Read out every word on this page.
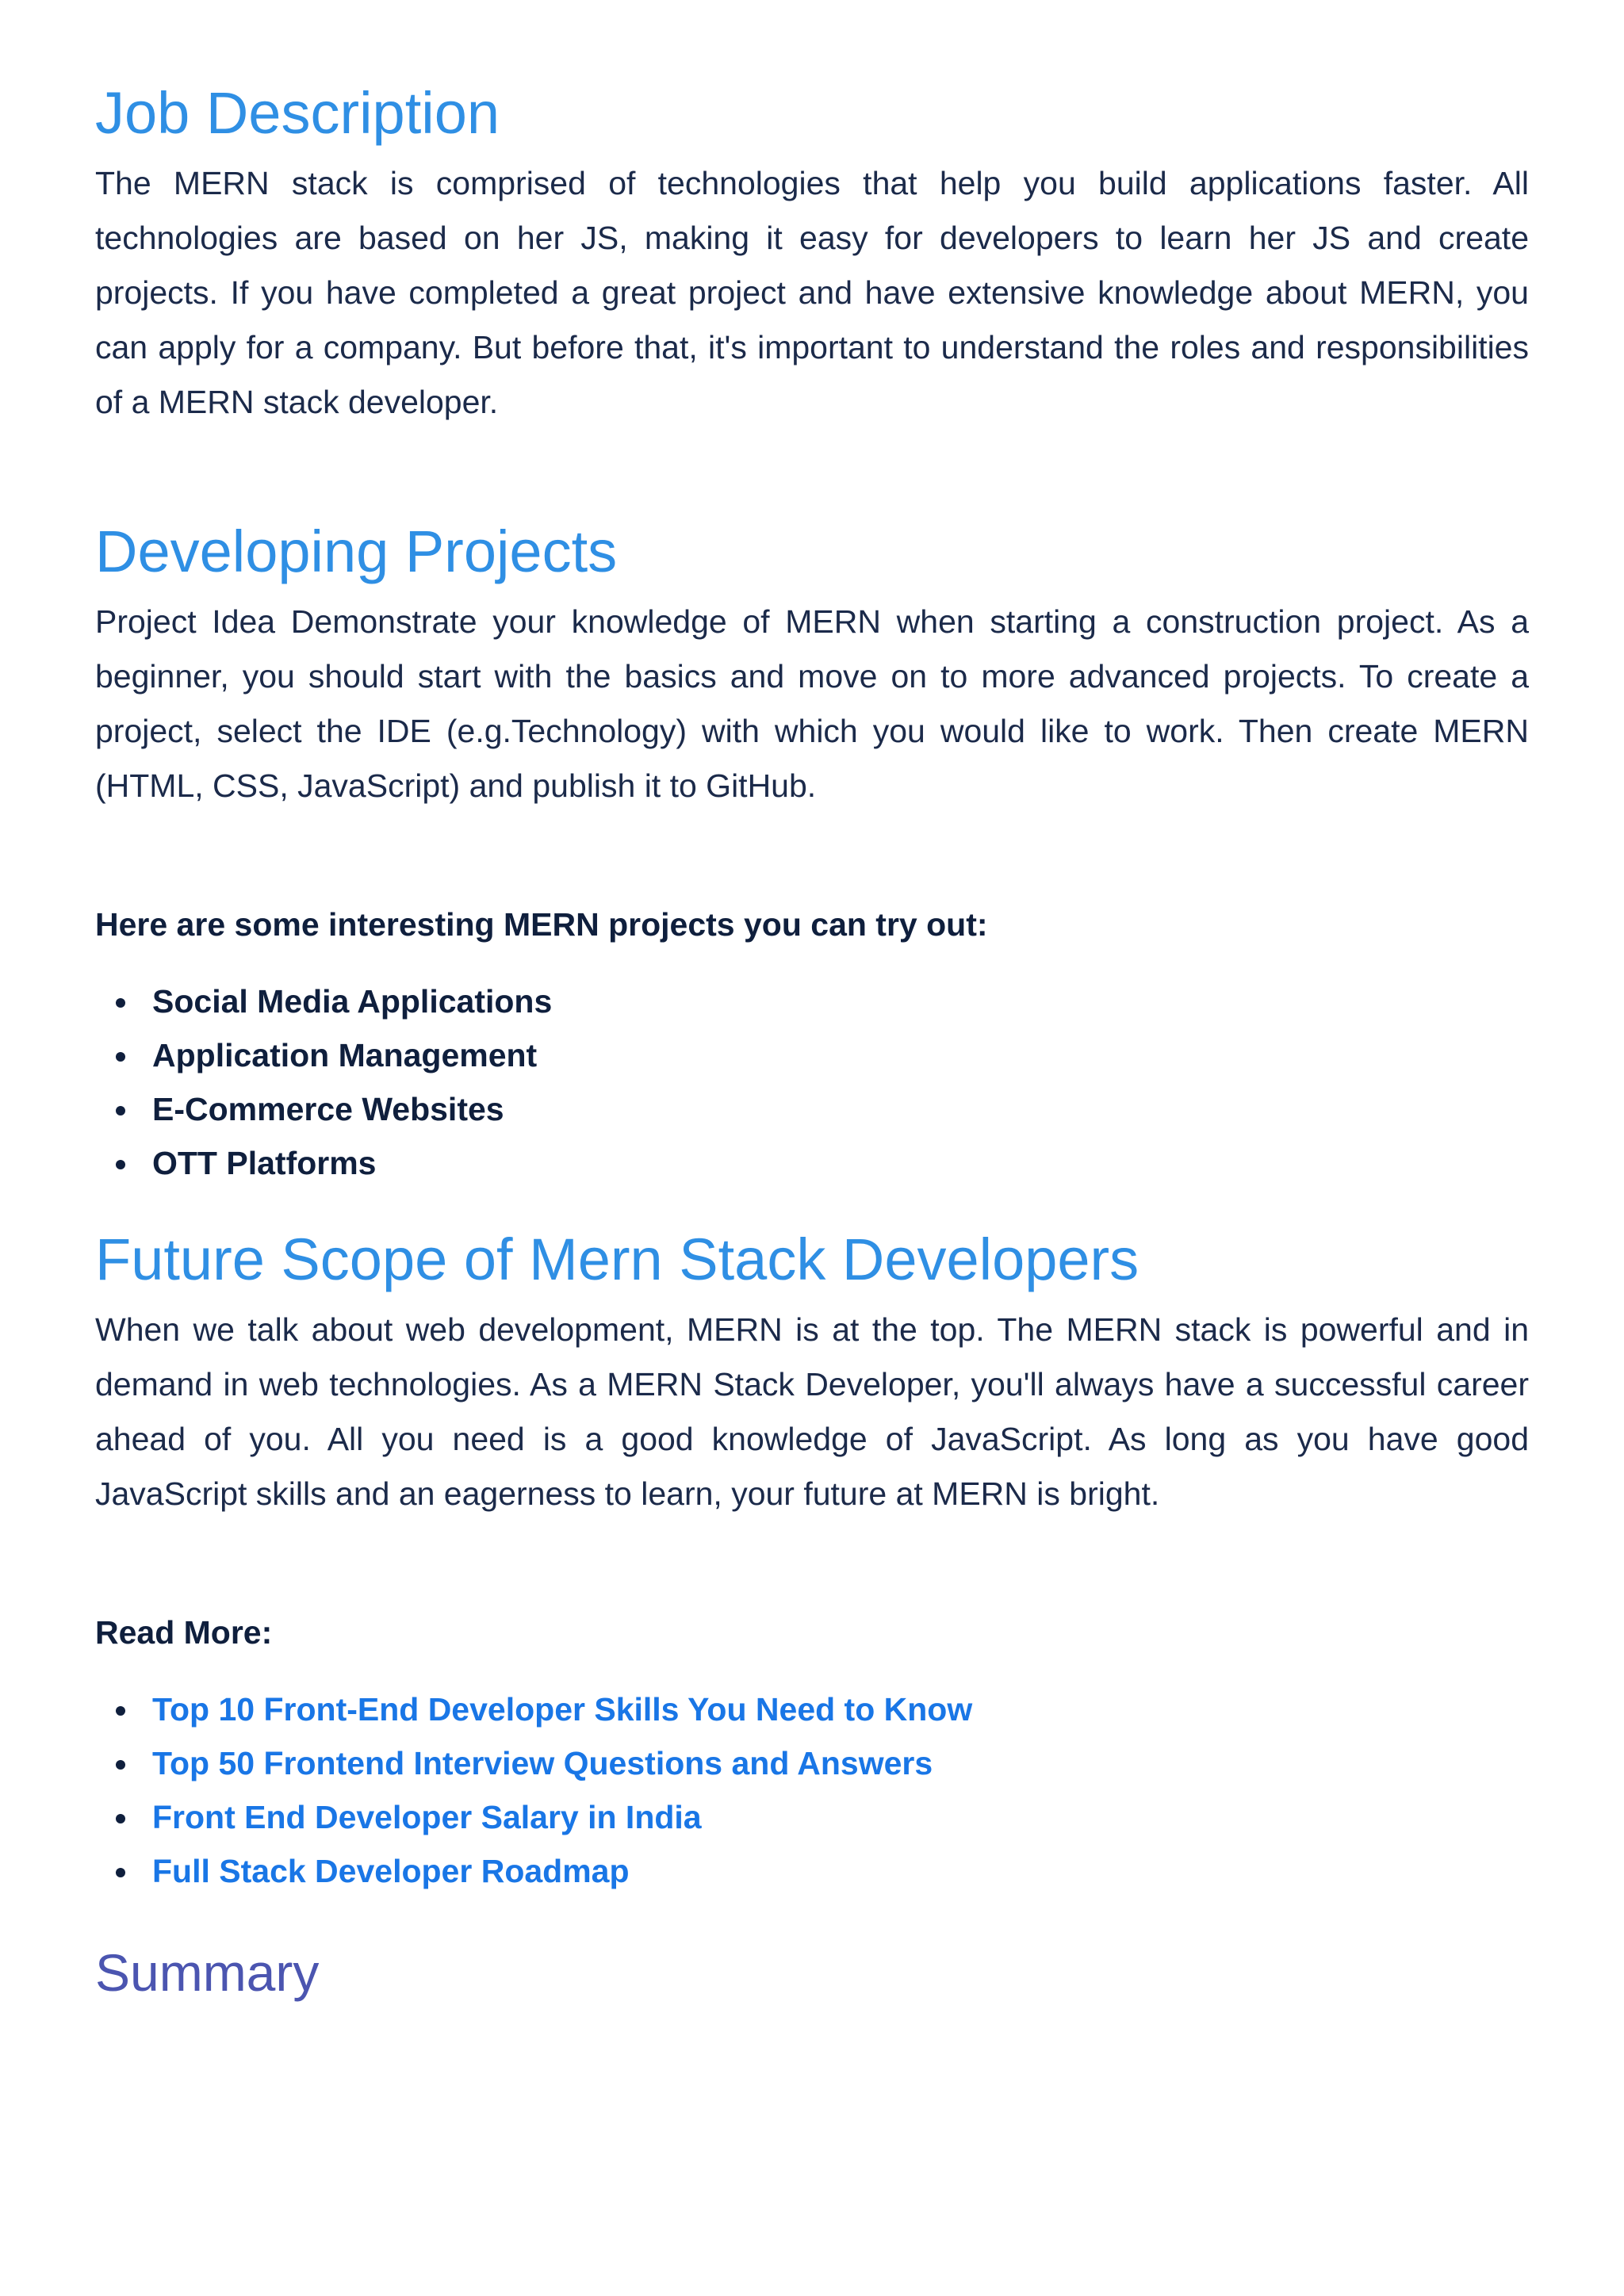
Job Description

The MERN stack is comprised of technologies that help you build applications faster. All technologies are based on her JS, making it easy for developers to learn her JS and create projects. If you have completed a great project and have extensive knowledge about MERN, you can apply for a company. But before that, it's important to understand the roles and responsibilities of a MERN stack developer.

Developing Projects

Project Idea Demonstrate your knowledge of MERN when starting a construction project. As a beginner, you should start with the basics and move on to more advanced projects. To create a project, select the IDE (e.g.Technology) with which you would like to work. Then create MERN (HTML, CSS, JavaScript) and publish it to GitHub.

Here are some interesting MERN projects you can try out:

Social Media Applications
Application Management
E-Commerce Websites
OTT Platforms
Future Scope of Mern Stack Developers

When we talk about web development, MERN is at the top. The MERN stack is powerful and in demand in web technologies. As a MERN Stack Developer, you'll always have a successful career ahead of you. All you need is a good knowledge of JavaScript. As long as you have good JavaScript skills and an eagerness to learn, your future at MERN is bright.

Read More:

Top 10 Front-End Developer Skills You Need to Know
Top 50 Frontend Interview Questions and Answers
Front End Developer Salary in India
Full Stack Developer Roadmap
Summary
